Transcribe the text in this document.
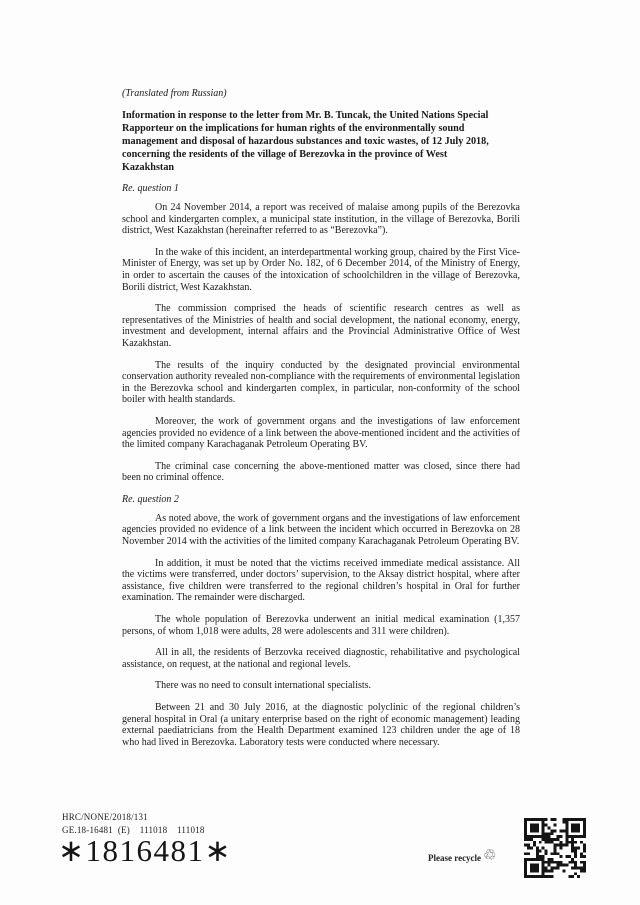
(Translated from Russian)

Information in response to the letter from Mr. B. Tuncak, the United Nations Special
Rapporteur on the implications for human rights of the environmentally sound
management and disposal of hazardous substances and toxic wastes, of 12 July 2018,
concerning the residents of the village of Berezovka in the province of West
Kazakhstan

Re. question 1

On 24 November 2014, a report was received of malaise among pupils of the Berezovka school and kindergarten complex, a municipal state institution, in the village of Berezovka, Borili district, West Kazakhstan (hereinafter referred to as “Berezovka”).

In the wake of this incident, an interdepartmental working group, chaired by the First Vice-Minister of Energy, was set up by Order No. 182, of 6 December 2014, of the Ministry of Energy, in order to ascertain the causes of the intoxication of schoolchildren in the village of Berezovka, Borili district, West Kazakhstan.

The commission comprised the heads of scientific research centres as well as representatives of the Ministries of health and social development, the national economy, energy, investment and development, internal affairs and the Provincial Administrative Office of West Kazakhstan.

The results of the inquiry conducted by the designated provincial environmental conservation authority revealed non-compliance with the requirements of environmental legislation in the Berezovka school and kindergarten complex, in particular, non-conformity of the school boiler with health standards.

Moreover, the work of government organs and the investigations of law enforcement agencies provided no evidence of a link between the above-mentioned incident and the activities of the limited company Karachaganak Petroleum Operating BV.

The criminal case concerning the above-mentioned matter was closed, since there had been no criminal offence.

Re. question 2

As noted above, the work of government organs and the investigations of law enforcement agencies provided no evidence of a link between the incident which occurred in Berezovka on 28 November 2014 with the activities of the limited company Karachaganak Petroleum Operating BV.

In addition, it must be noted that the victims received immediate medical assistance. All the victims were transferred, under doctors’ supervision, to the Aksay district hospital, where after assistance, five children were transferred to the regional children’s hospital in Oral for further examination. The remainder were discharged.

The whole population of Berezovka underwent an initial medical examination (1,357 persons, of whom 1,018 were adults, 28 were adolescents and 311 were children).

All in all, the residents of Berzovka received diagnostic, rehabilitative and psychological assistance, on request, at the national and regional levels.

There was no need to consult international specialists.

Between 21 and 30 July 2016, at the diagnostic polyclinic of the regional children’s general hospital in Oral (a unitary enterprise based on the right of economic management) leading external paediatricians from the Health Department examined 123 children under the age of 18 who had lived in Berezovka. Laboratory tests were conducted where necessary.

HRC/NONE/2018/131
GE.18-16481  (E)    111018    111018
∗1816481∗	Please recycle ♲
